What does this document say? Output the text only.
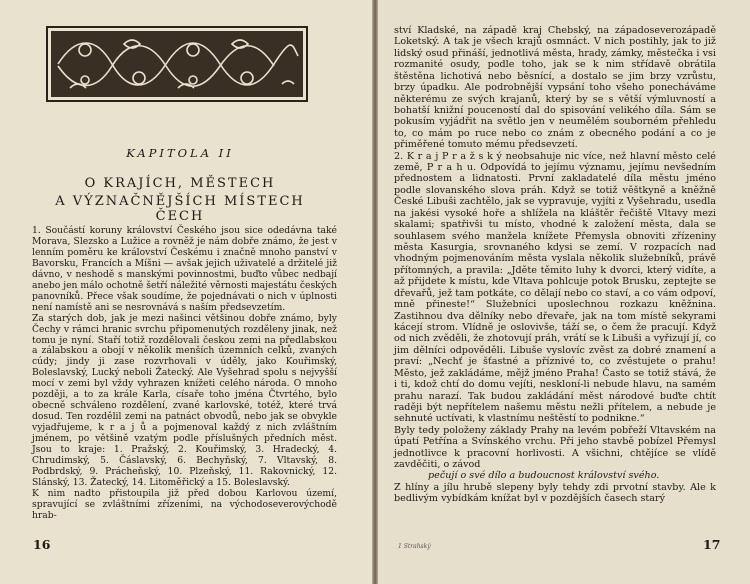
KAPITOLA II
O KRAJÍCH, MĚSTECH
A VÝZNAČNĚJŠÍCH MÍSTECH ČECH

1. Součástí koruny království Českého jsou sice odedávna také Morava, Slezsko a Lužice a rovněž je nám dobře známo, že jest v lenním poměru ke království Českému i značně mnoho panství v Bavorsku, Francích a Míšni — avšak jejich uživatelé a držitelé již dávno, v neshodě s manskými povinnostmi, buďto vůbec nedbají anebo jen málo ochotně šetří náležité věrnosti majestátu českých panovníků. Přece však soudíme, že pojednávati o nich v úplnosti není namístě ani se nesrovnává s naším předsevzetím.

Za starých dob, jak je mezi našinci většinou dobře známo, byly Čechy v rámci hranic svrchu připomenutých rozděleny jinak, než tomu je nyní. Staří totiž rozdělovali českou zemi na předlabskou a zálabskou a obojí v několik menších územních celků, zvaných cúdy; jindy ji zase rozvrhovali v úděly, jako Kouřimský, Boleslavský, Lucký neboli Žatecký. Ale Vyšehrad spolu s nejvyšší mocí v zemi byl vždy vyhrazen knížeti celého národa. O mnoho později, a to za krále Karla, císaře toho jména Čtvrtého, bylo obecně schváleno rozdělení, zvané karlovské, totéž, které trvá dosud. Ten rozdělil zemi na patnáct obvodů, nebo jak se obvykle vyjadřujeme, k r a j ů a pojmenoval každý z nich zvláštním jménem, po většině vzatým podle příslušných předních měst. Jsou to kraje: 1. Pražský, 2. Kouřimský, 3. Hradecký, 4. Chrudimský, 5. Čáslavský, 6. Bechyňský, 7. Vltavský, 8. Podbrdský, 9. Prácheňský, 10. Plzeňský, 11. Rakovnický, 12. Slánský, 13. Žatecký, 14. Litoměřický a 15. Boleslavský.

K nim nadto přistoupila již před dobou Karlovou území, spravující se zvláštními zřízeními, na východoseverovýchodě hrab-

16

ství Kladské, na západě kraj Chebský, na západoseverozápadě Loketský. A tak je všech krajů osmnáct. V nich postihly, jak to již lidský osud přináší, jednotlivá města, hrady, zámky, městečka i vsi rozmanité osudy, podle toho, jak se k nim střídavě obrátila štěstěna lichotivá nebo běsnící, a dostalo se jim brzy vzrůstu, brzy úpadku. Ale podrobnější vypsání toho všeho ponecháváme některému ze svých krajanů, který by se s větší výmluvností a bohatší knižní pouceností dal do spisování velikého díla. Sám se pokusím vyjádřit na světlo jen v neumělém souborném přehledu to, co mám po ruce nebo co znám z obecného podání a co je přiměřené tomuto mému předsevzetí.

2. K r a j P r a ž s k ý neobsahuje nic více, než hlavní město celé země, P r a h u. Odpovídá to jejímu významu, jejímu nevšedním přednostem a lidnatosti. První zakladatelé díla městu jméno podle slovanského slova práh. Když se totiž věštkyně a kněžně České Libuši zachtělo, jak se vypravuje, vyjíti z Vyšehradu, usedla na jakési vysoké hoře a shlížela na kláštěr řečiště Vltavy mezi skalami; spatřivši tu místo, vhodné k založení města, dala se souhlasem svého manžela knížete Přemysla obnoviti zřízeniny města Kasurgia, srovnaného kdysi se zemí. V rozpacích nad vhodným pojmenováním města vyslala několik služebníků, právě přítomných, a pravila: „Jděte těmito luhy k dvorci, který vidíte, a až přijdete k místu, kde Vltava pohlcuje potok Brusku, zeptejte se dřevařů, jež tam potkáte, co dělají nebo co staví, a co vám odpoví, mně přineste!“ Služebníci uposlechnou rozkazu kněžnina. Zastihnou dva dělníky nebo dřevaře, jak na tom místě sekyrami kácejí strom. Vlídně je oslovivše, táží se, o čem že pracují. Když od nich zvěděli, že zhotovují práh, vrátí se k Libuši a vyřizují jí, co jim dělníci odpověděli. Libuše vyslovíc zvěst za dobré znamení a praví: „Nechť je šťastné a příznivé to, co zvěstujete o prahu! Město, jež zakládáme, mějž jméno Praha! Často se totiž stává, že i ti, kdož chtí do domu vejíti, neskloní-li nebude hlavu, na samém prahu narazí. Tak budou zakládání měst národové buďte chtít raději být nepřítelem našemu městu nežli přítelem, a nebude je sehnuté uctívati, k vlastnímu neštěstí to podnikne.“

Byly tedy položeny základy Prahy na levém pobřeží Vltavském na úpatí Petřína a Svínského vrchu. Při jeho stavbě pobízel Přemysl jednotlivce k pracovní horlivosti. A všichni, chtějíce se vlídě zavděčiti, o závod

pečují o své dílo a budoucnost království svého.

Z hlíny a jílu hrubě slepeny byly tehdy zdi prvotní stavby. Ale k bedlivým vybídkám knížat byl v pozdějších časech starý

1 Strahský	17
